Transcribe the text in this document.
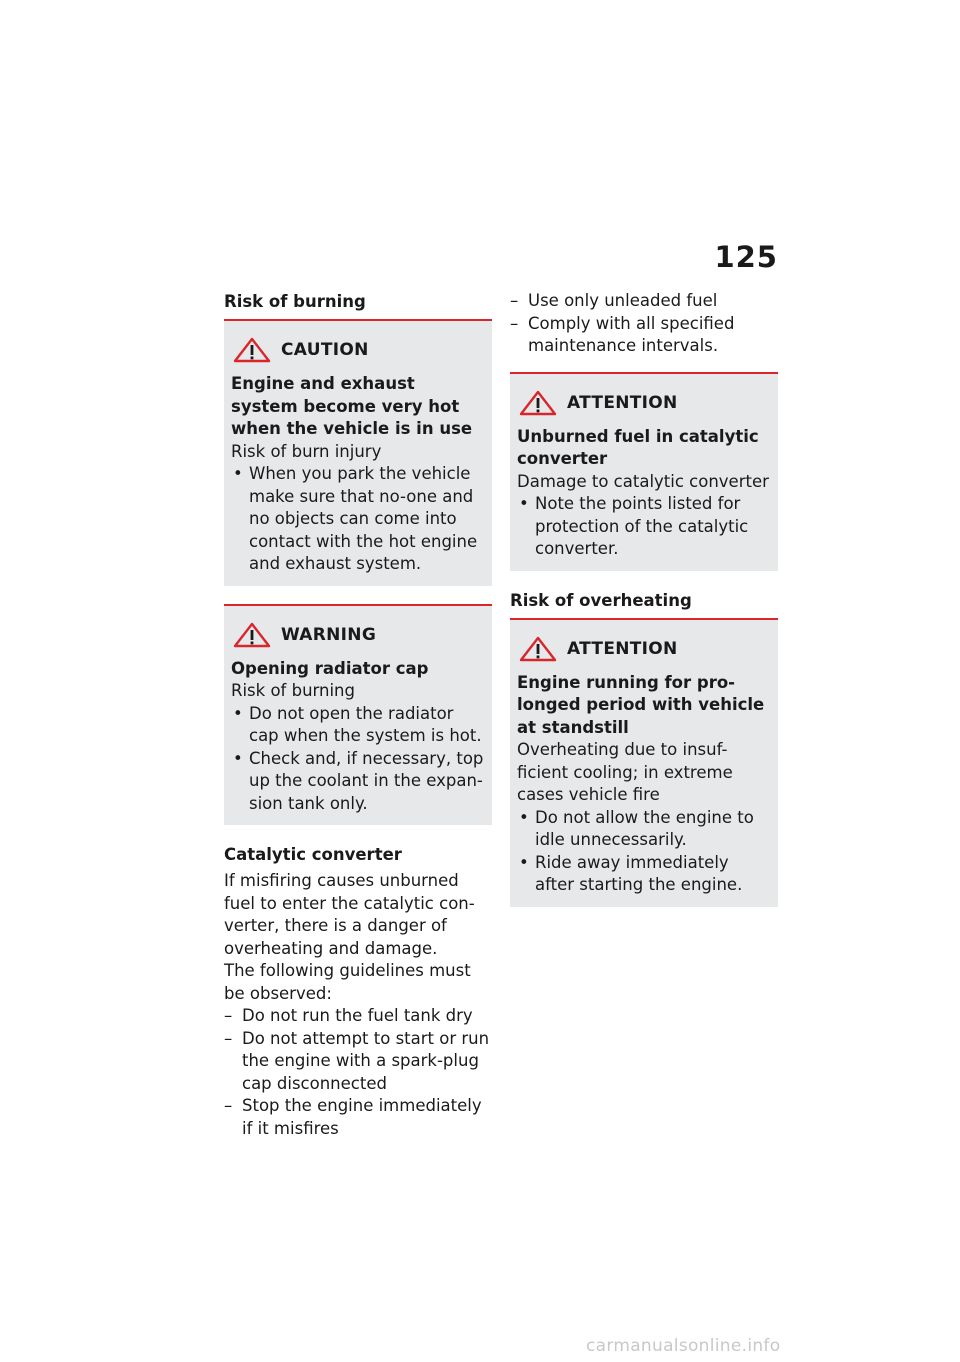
125
Risk of burning
CAUTION
Engine and exhaust system become very hot when the vehicle is in use
Risk of burn injury
• When you park the vehicle make sure that no-one and no objects can come into contact with the hot engine and exhaust system.
WARNING
Opening radiator cap
Risk of burning
• Do not open the radiator cap when the system is hot.
• Check and, if necessary, top up the coolant in the expan-sion tank only.
Catalytic converter
If misfiring causes unburned fuel to enter the catalytic con-verter, there is a danger of overheating and damage.
The following guidelines must be observed:
– Do not run the fuel tank dry
– Do not attempt to start or run the engine with a spark-plug cap disconnected
– Stop the engine immediately if it misfires
– Use only unleaded fuel
– Comply with all specified maintenance intervals.
ATTENTION
Unburned fuel in catalytic converter
Damage to catalytic converter
• Note the points listed for protection of the catalytic converter.
Risk of overheating
ATTENTION
Engine running for pro-longed period with vehicle at standstill
Overheating due to insuf-ficient cooling; in extreme cases vehicle fire
• Do not allow the engine to idle unnecessarily.
• Ride away immediately after starting the engine.
carmanualsonline.info
